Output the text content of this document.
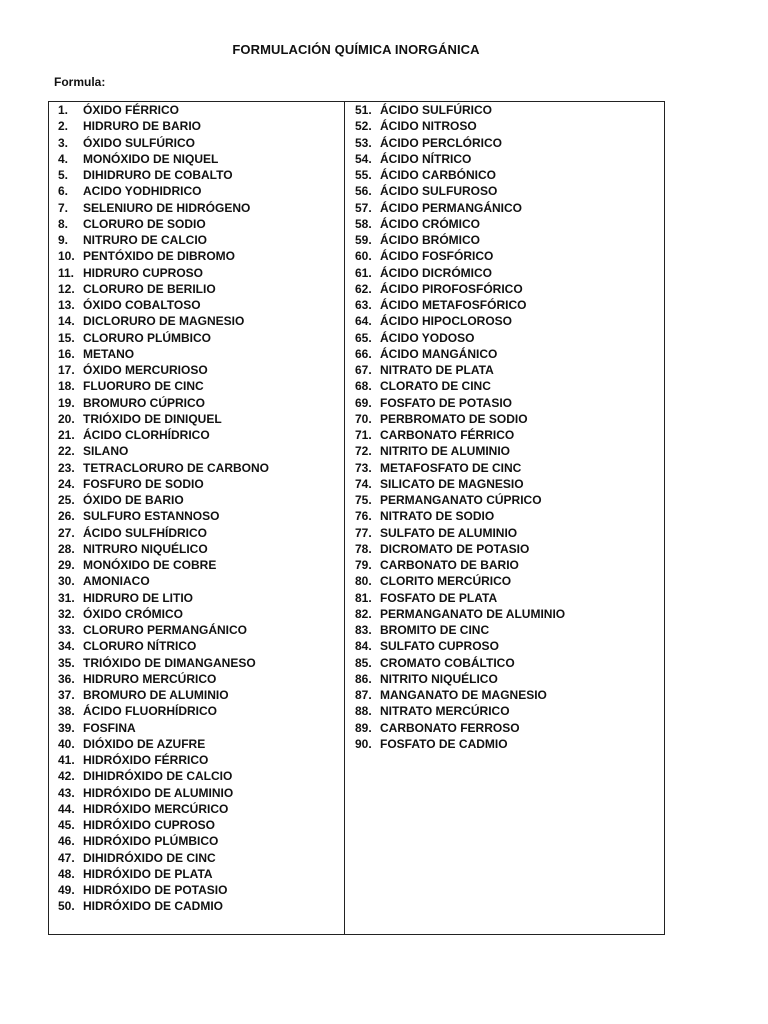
FORMULACIÓN QUÍMICA INORGÁNICA
Formula:
1.	ÓXIDO FÉRRICO
2.	HIDRURO DE BARIO
3.	ÓXIDO SULFÚRICO
4.	MONÓXIDO DE NIQUEL
5.	DIHIDRURO DE COBALTO
6.	ACIDO YODHIDRICO
7.	SELENIURO DE HIDRÓGENO
8.	CLORURO DE SODIO
9.	NITRURO DE CALCIO
10. PENTÓXIDO DE DIBROMO
11. HIDRURO CUPROSO
12. CLORURO DE BERILIO
13. ÓXIDO COBALTOSO
14. DICLORURO DE MAGNESIO
15. CLORURO PLÚMBICO
16. METANO
17. ÓXIDO MERCURIOSO
18. FLUORURO DE CINC
19. BROMURO CÚPRICO
20. TRIÓXIDO DE DINIQUEL
21. ÁCIDO CLORHÍDRICO
22. SILANO
23. TETRACLORURO DE CARBONO
24. FOSFURO DE SODIO
25. ÓXIDO DE BARIO
26. SULFURO ESTANNOSO
27. ÁCIDO SULFHÍDRICO
28. NITRURO NIQUÉLICO
29. MONÓXIDO DE COBRE
30. AMONIACO
31. HIDRURO DE LITIO
32. ÓXIDO CRÓMICO
33. CLORURO PERMANGÁNICO
34. CLORURO NÍTRICO
35. TRIÓXIDO DE DIMANGANESO
36. HIDRURO MERCÚRICO
37. BROMURO DE ALUMINIO
38. ÁCIDO FLUORHÍDRICO
39. FOSFINA
40. DIÓXIDO DE AZUFRE
41. HIDRÓXIDO FÉRRICO
42. DIHIDRÓXIDO DE CALCIO
43. HIDRÓXIDO DE ALUMINIO
44. HIDRÓXIDO MERCÚRICO
45. HIDRÓXIDO CUPROSO
46. HIDRÓXIDO PLÚMBICO
47. DIHIDRÓXIDO DE CINC
48. HIDRÓXIDO DE PLATA
49. HIDRÓXIDO DE POTASIO
50. HIDRÓXIDO DE CADMIO
51. ÁCIDO SULFÚRICO
52. ÁCIDO NITROSO
53. ÁCIDO PERCLÓRICO
54. ÁCIDO NÍTRICO
55. ÁCIDO CARBÓNICO
56. ÁCIDO SULFUROSO
57. ÁCIDO PERMANGÁNICO
58. ÁCIDO CRÓMICO
59. ÁCIDO BRÓMICO
60. ÁCIDO FOSFÓRICO
61. ÁCIDO DICRÓMICO
62. ÁCIDO PIROFOSFÓRICO
63. ÁCIDO METAFOSFÓRICO
64. ÁCIDO HIPOCLOROSO
65. ÁCIDO YODOSO
66. ÁCIDO MANGÁNICO
67. NITRATO DE PLATA
68. CLORATO DE CINC
69. FOSFATO DE POTASIO
70. PERBROMATO DE SODIO
71. CARBONATO FÉRRICO
72. NITRITO DE ALUMINIO
73. METAFOSFATO DE CINC
74. SILICATO DE MAGNESIO
75. PERMANGANATO CÚPRICO
76. NITRATO DE SODIO
77. SULFATO DE ALUMINIO
78. DICROMATO DE POTASIO
79. CARBONATO DE BARIO
80. CLORITO MERCÚRICO
81. FOSFATO DE PLATA
82. PERMANGANATO DE ALUMINIO
83. BROMITO DE CINC
84. SULFATO CUPROSO
85. CROMATO COBÁLTICO
86. NITRITO NIQUÉLICO
87. MANGANATO DE MAGNESIO
88. NITRATO MERCÚRICO
89. CARBONATO FERROSO
90. FOSFATO DE CADMIO
